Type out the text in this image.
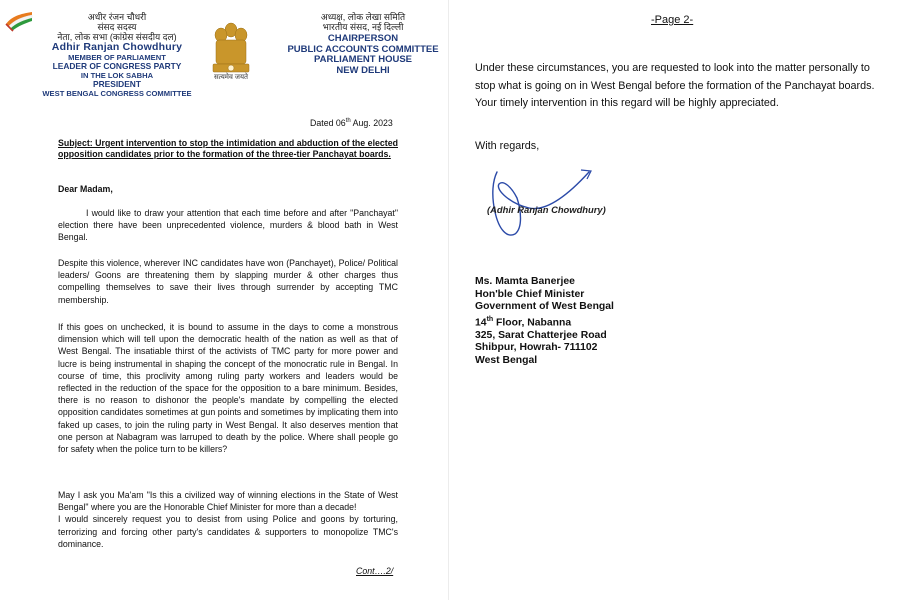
अधीर रंजन चौधरी
संसद सदस्य
नेता, लोक सभा (कांग्रेस संसदीय दल)
Adhir Ranjan Chowdhury
MEMBER OF PARLIAMENT
LEADER OF CONGRESS PARTY
IN THE LOK SABHA
PRESIDENT
WEST BENGAL CONGRESS COMMITTEE
सत्यमेव जयते
अध्यक्ष, लोक लेखा समिति
भारतीय संसद, नई दिल्ली
CHAIRPERSON
PUBLIC ACCOUNTS COMMITTEE
PARLIAMENT HOUSE
NEW DELHI
Dated 06th Aug. 2023
Subject: Urgent intervention to stop the intimidation and abduction of the elected opposition candidates prior to the formation of the three-tier Panchayat boards.
Dear Madam,
I would like to draw your attention that each time before and after "Panchayat" election there have been unprecedented violence, murders & blood bath in West Bengal.
Despite this violence, wherever INC candidates have won (Panchayet), Police/ Political leaders/ Goons are threatening them by slapping murder & other charges thus compelling themselves to save their lives through surrender by accepting TMC membership.
If this goes on unchecked, it is bound to assume in the days to come a monstrous dimension which will tell upon the democratic health of the nation as well as that of West Bengal. The insatiable thirst of the activists of TMC party for more power and lucre is being instrumental in shaping the concept of the monocratic rule in Bengal. In course of time, this proclivity among ruling party workers and leaders would be reflected in the reduction of the space for the opposition to a bare minimum. Besides, there is no reason to dishonor the people's mandate by compelling the elected opposition candidates sometimes at gun points and sometimes by implicating them into faked up cases, to join the ruling party in West Bengal. It also deserves mention that one person at Nabagram was larruped to death by the police. Where shall people go for safety when the police turn to be killers?
May I ask you Ma'am "Is this a civilized way of winning elections in the State of West Bengal" where you are the Honorable Chief Minister for more than a decade!
I would sincerely request you to desist from using Police and goons by torturing, terrorizing and forcing other party's candidates & supporters to monopolize TMC's dominance.
Cont….2/
-Page 2-
Under these circumstances, you are requested to look into the matter personally to stop what is going on in West Bengal before the formation of the Panchayat boards. Your timely intervention in this regard will be highly appreciated.
With regards,
(Adhir Ranjan Chowdhury)
Ms. Mamta Banerjee
Hon'ble Chief Minister
Government of West Bengal
14th Floor, Nabanna
325, Sarat Chatterjee Road
Shibpur, Howrah- 711102
West Bengal
